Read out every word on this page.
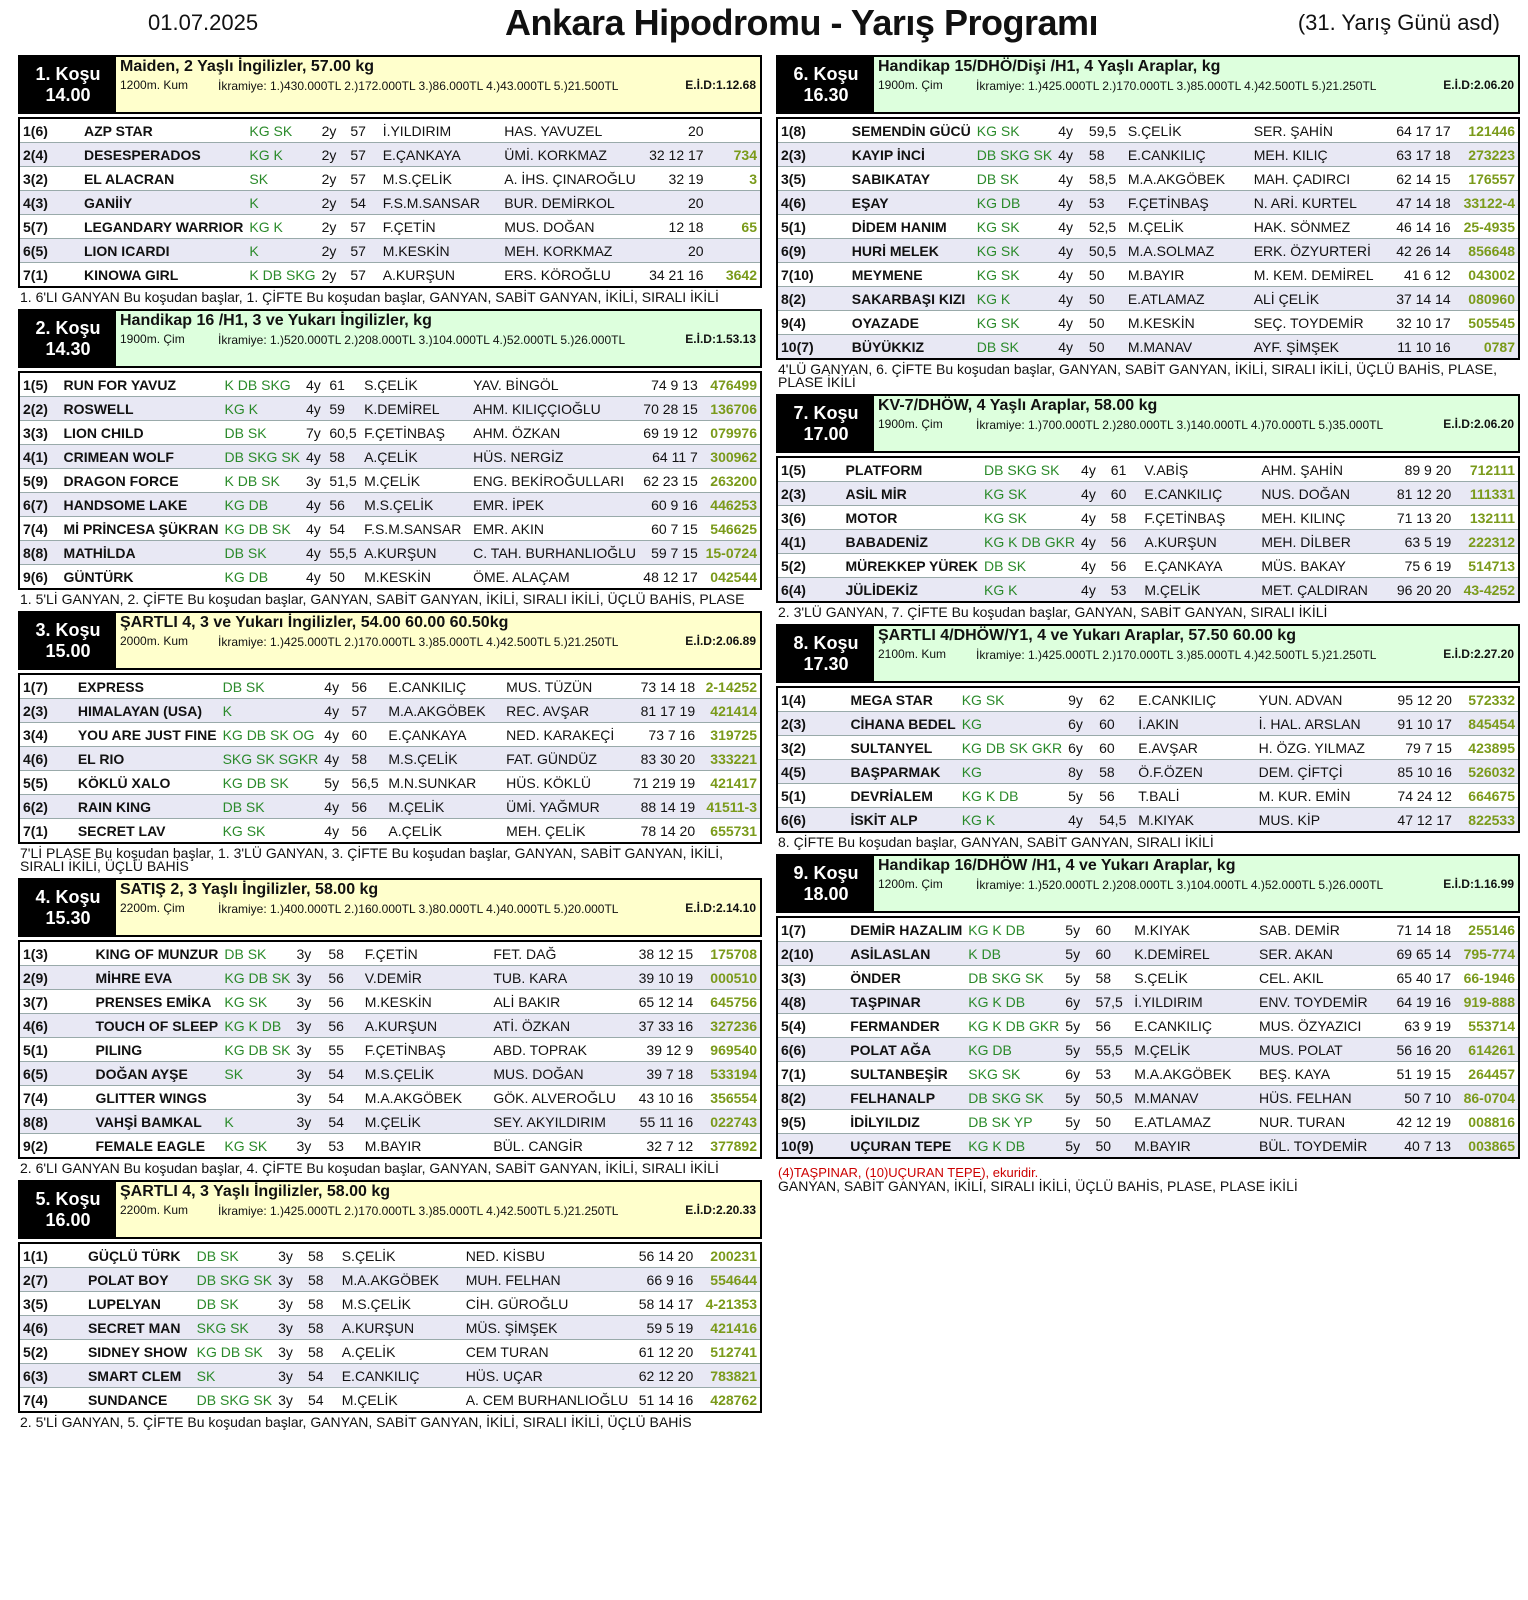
01.07.2025	Ankara Hipodromu - Yarış Programı	(31. Yarış Günü asd)
1. Koşu
14.00
Maiden, 2 Yaşlı İngilizler, 57.00 kg
1200m. Kum İkramiye: 1.)430.000TL 2.)172.000TL 3.)86.000TL 4.)43.000TL 5.)21.500TL	E.İ.D:1.12.68
1(6)	AZP STAR	KG SK	2y	57	İ.YILDIRIM	HAS. YAVUZEL	20	
2(4)	DESESPERADOS	KG K	2y	57	E.ÇANKAYA	ÜMİ. KORKMAZ	32 12 17	734
3(2)	EL ALACRAN	SK	2y	57	M.S.ÇELİK	A. İHS. ÇINAROĞLU	32 19	3
4(3)	GANİİY	K	2y	54	F.S.M.SANSAR	BUR. DEMİRKOL	20	
5(7)	LEGANDARY WARRIOR	KG K	2y	57	F.ÇETİN	MUS. DOĞAN	12 18	65
6(5)	LION ICARDI	K	2y	57	M.KESKİN	MEH. KORKMAZ	20	
7(1)	KINOWA GIRL	K DB SKG	2y	57	A.KURŞUN	ERS. KÖROĞLU	34 21 16	3642
1. 6'LI GANYAN Bu koşudan başlar, 1. ÇİFTE Bu koşudan başlar, GANYAN, SABİT GANYAN, İKİLİ, SIRALI İKİLİ
2. Koşu
14.30
Handikap 16 /H1, 3 ve Yukarı İngilizler, kg
1900m. Çim	İkramiye: 1.)520.000TL 2.)208.000TL 3.)104.000TL 4.)52.000TL 5.)26.000TL	E.İ.D:1.53.13
1(5)	RUN FOR YAVUZ	K DB SKG	4y	61	S.ÇELİK	YAV. BİNGÖL	74 9 13	476499
2(2)	ROSWELL	KG K	4y	59	K.DEMİREL	AHM. KILIÇÇIOĞLU	70 28 15	136706
3(3)	LION CHILD	DB SK	7y	60,5	F.ÇETİNBAŞ	AHM. ÖZKAN	69 19 12	079976
4(1)	CRIMEAN WOLF	DB SKG SK	4y	58	A.ÇELİK	HÜS. NERGİZ	64 11 7	300962
5(9)	DRAGON FORCE	K DB SK	3y	51,5	M.ÇELİK	ENG. BEKİROĞULLARI	62 23 15	263200
6(7)	HANDSOME LAKE	KG DB	4y	56	M.S.ÇELİK	EMR. İPEK	60 9 16	446253
7(4)	Mİ PRİNCESA ŞÜKRAN	KG DB SK	4y	54	F.S.M.SANSAR	EMR. AKIN	60 7 15	546625
8(8)	MATHİLDA	DB SK	4y	55,5	A.KURŞUN	C. TAH. BURHANLIOĞLU	59 7 15	15-0724
9(6)	GÜNTÜRK	KG DB	4y	50	M.KESKİN	ÖME. ALAÇAM	48 12 17	042544
1. 5'Lİ GANYAN, 2. ÇİFTE Bu koşudan başlar, GANYAN, SABİT GANYAN, İKİLİ, SIRALI İKİLİ, ÜÇLÜ BAHİS, PLASE
3. Koşu
15.00
ŞARTLI 4, 3 ve Yukarı İngilizler, 54.00 60.00 60.50kg
2000m. Kum İkramiye: 1.)425.000TL 2.)170.000TL 3.)85.000TL 4.)42.500TL 5.)21.250TL	E.İ.D:2.06.89
1(7)	EXPRESS	DB SK	4y	56	E.CANKILIÇ	MUS. TÜZÜN	73 14 18	2-14252
2(3)	HIMALAYAN (USA)	K	4y	57	M.A.AKGÖBEK	REC. AVŞAR	81 17 19	421414
3(4)	YOU ARE JUST FINE	KG DB SK OG	4y	60	E.ÇANKAYA	NED. KARAKEÇİ	73 7 16	319725
4(6)	EL RIO	SKG SK SGKR	4y	58	M.S.ÇELİK	FAT. GÜNDÜZ	83 30 20	333221
5(5)	KÖKLÜ XALO	KG DB SK	5y	56,5	M.N.SUNKAR	HÜS. KÖKLÜ	71 219 19	421417
6(2)	RAIN KING	DB SK	4y	56	M.ÇELİK	ÜMİ. YAĞMUR	88 14 19	41511-3
7(1)	SECRET LAV	KG SK	4y	56	A.ÇELİK	MEH. ÇELİK	78 14 20	655731
7'Lİ PLASE Bu koşudan başlar, 1. 3'LÜ GANYAN, 3. ÇİFTE Bu koşudan başlar, GANYAN, SABİT GANYAN, İKİLİ, SIRALI İKİLİ, ÜÇLÜ BAHİS
4. Koşu
15.30
SATIŞ 2, 3 Yaşlı İngilizler, 58.00 kg
2200m. Çim	İkramiye: 1.)400.000TL 2.)160.000TL 3.)80.000TL 4.)40.000TL 5.)20.000TL	E.İ.D:2.14.10
1(3)	KING OF MUNZUR	DB SK	3y	58	F.ÇETİN	FET. DAĞ	38 12 15	175708
2(9)	MİHRE EVA	KG DB SK	3y	56	V.DEMİR	TUB. KARA	39 10 19	000510
3(7)	PRENSES EMİKA	KG SK	3y	56	M.KESKİN	ALİ BAKIR	65 12 14	645756
4(6)	TOUCH OF SLEEP	KG K DB	3y	56	A.KURŞUN	ATİ. ÖZKAN	37 33 16	327236
5(1)	PILING	KG DB SK	3y	55	F.ÇETİNBAŞ	ABD. TOPRAK	39 12 9	969540
6(5)	DOĞAN AYŞE	SK	3y	54	M.S.ÇELİK	MUS. DOĞAN	39 7 18	533194
7(4)	GLITTER WINGS		3y	54	M.A.AKGÖBEK	GÖK. ALVEROĞLU	43 10 16	356554
8(8)	VAHŞİ BAMKAL	K	3y	54	M.ÇELİK	SEY. AKYILDIRIM	55 11 16	022743
9(2)	FEMALE EAGLE	KG SK	3y	53	M.BAYIR	BÜL. CANGİR	32 7 12	377892
2. 6'LI GANYAN Bu koşudan başlar, 4. ÇİFTE Bu koşudan başlar, GANYAN, SABİT GANYAN, İKİLİ, SIRALI İKİLİ
5. Koşu
16.00
ŞARTLI 4, 3 Yaşlı İngilizler, 58.00 kg
2200m. Kum İkramiye: 1.)425.000TL 2.)170.000TL 3.)85.000TL 4.)42.500TL 5.)21.250TL	E.İ.D:2.20.33
1(1)	GÜÇLÜ TÜRK	DB SK	3y	58	S.ÇELİK	NED. KİSBU	56 14 20	200231
2(7)	POLAT BOY	DB SKG SK	3y	58	M.A.AKGÖBEK	MUH. FELHAN	66 9 16	554644
3(5)	LUPELYAN	DB SK	3y	58	M.S.ÇELİK	CİH. GÜROĞLU	58 14 17	4-21353
4(6)	SECRET MAN	SKG SK	3y	58	A.KURŞUN	MÜS. ŞİMŞEK	59 5 19	421416
5(2)	SIDNEY SHOW	KG DB SK	3y	58	A.ÇELİK	CEM TURAN	61 12 20	512741
6(3)	SMART CLEM	SK	3y	54	E.CANKILIÇ	HÜS. UÇAR	62 12 20	783821
7(4)	SUNDANCE	DB SKG SK	3y	54	M.ÇELİK	A. CEM BURHANLIOĞLU	51 14 16	428762
2. 5'Lİ GANYAN, 5. ÇİFTE Bu koşudan başlar, GANYAN, SABİT GANYAN, İKİLİ, SIRALI İKİLİ, ÜÇLÜ BAHİS
6. Koşu
16.30
Handikap 15/DHÖ/Dişi /H1, 4 Yaşlı Araplar, kg
1900m. Çim	İkramiye: 1.)425.000TL 2.)170.000TL 3.)85.000TL 4.)42.500TL 5.)21.250TL	E.İ.D:2.06.20
1(8)	SEMENDİN GÜCÜ	KG SK	4y	59,5	S.ÇELİK	SER. ŞAHİN	64 17 17	121446
2(3)	KAYIP İNCİ	DB SKG SK	4y	58	E.CANKILIÇ	MEH. KILIÇ	63 17 18	273223
3(5)	SABIKATAY	DB SK	4y	58,5	M.A.AKGÖBEK	MAH. ÇADIRCI	62 14 15	176557
4(6)	EŞAY	KG DB	4y	53	F.ÇETİNBAŞ	N. ARİ. KURTEL	47 14 18	33122-4
5(1)	DİDEM HANIM	KG SK	4y	52,5	M.ÇELİK	HAK. SÖNMEZ	46 14 16	25-4935
6(9)	HURİ MELEK	KG SK	4y	50,5	M.A.SOLMAZ	ERK. ÖZYURTERİ	42 26 14	856648
7(10)	MEYMENE	KG SK	4y	50	M.BAYIR	M. KEM. DEMİREL	41 6 12	043002
8(2)	SAKARBAŞI KIZI	KG K	4y	50	E.ATLAMAZ	ALİ ÇELİK	37 14 14	080960
9(4)	OYAZADE	KG SK	4y	50	M.KESKİN	SEÇ. TOYDEMİR	32 10 17	505545
10(7)	BÜYÜKKIZ	DB SK	4y	50	M.MANAV	AYF. ŞİMŞEK	11 10 16	0787
4'LÜ GANYAN, 6. ÇİFTE Bu koşudan başlar, GANYAN, SABİT GANYAN, İKİLİ, SIRALI İKİLİ, ÜÇLÜ BAHİS, PLASE, PLASE İKİLİ
7. Koşu
17.00
KV-7/DHÖW, 4 Yaşlı Araplar, 58.00 kg
1900m. Çim	İkramiye: 1.)700.000TL 2.)280.000TL 3.)140.000TL 4.)70.000TL 5.)35.000TL	E.İ.D:2.06.20
1(5)	PLATFORM	DB SKG SK	4y	61	V.ABİŞ	AHM. ŞAHİN	89 9 20	712111
2(3)	ASİL MİR	KG SK	4y	60	E.CANKILIÇ	NUS. DOĞAN	81 12 20	111331
3(6)	MOTOR	KG SK	4y	58	F.ÇETİNBAŞ	MEH. KILINÇ	71 13 20	132111
4(1)	BABADENİZ	KG K DB GKR	4y	56	A.KURŞUN	MEH. DİLBER	63 5 19	222312
5(2)	MÜREKKEP YÜREK	DB SK	4y	56	E.ÇANKAYA	MÜS. BAKAY	75 6 19	514713
6(4)	JÜLİDEKİZ	KG K	4y	53	M.ÇELİK	MET. ÇALDIRAN	96 20 20	43-4252
2. 3'LÜ GANYAN, 7. ÇİFTE Bu koşudan başlar, GANYAN, SABİT GANYAN, SIRALI İKİLİ
8. Koşu
17.30
ŞARTLI 4/DHÖW/Y1, 4 ve Yukarı Araplar, 57.50 60.00 kg
2100m. Kum İkramiye: 1.)425.000TL 2.)170.000TL 3.)85.000TL 4.)42.500TL 5.)21.250TL	E.İ.D:2.27.20
1(4)	MEGA STAR	KG SK	9y	62	E.CANKILIÇ	YUN. ADVAN	95 12 20	572332
2(3)	CİHANA BEDEL	KG	6y	60	İ.AKIN	İ. HAL. ARSLAN	91 10 17	845454
3(2)	SULTANYEL	KG DB SK GKR	6y	60	E.AVŞAR	H. ÖZG. YILMAZ	79 7 15	423895
4(5)	BAŞPARMAK	KG	8y	58	Ö.F.ÖZEN	DEM. ÇİFTÇİ	85 10 16	526032
5(1)	DEVRİALEM	KG K DB	5y	56	T.BALİ	M. KUR. EMİN	74 24 12	664675
6(6)	İSKİT ALP	KG K	4y	54,5	M.KIYAK	MUS. KİP	47 12 17	822533
8. ÇİFTE Bu koşudan başlar, GANYAN, SABİT GANYAN, SIRALI İKİLİ
9. Koşu
18.00
Handikap 16/DHÖW /H1, 4 ve Yukarı Araplar, kg
1200m. Çim	İkramiye: 1.)520.000TL 2.)208.000TL 3.)104.000TL 4.)52.000TL 5.)26.000TL	E.İ.D:1.16.99
1(7)	DEMİR HAZALIM	KG K DB	5y	60	M.KIYAK	SAB. DEMİR	71 14 18	255146
2(10)	ASİLASLAN	K DB	5y	60	K.DEMİREL	SER. AKAN	69 65 14	795-774
3(3)	ÖNDER	DB SKG SK	5y	58	S.ÇELİK	CEL. AKIL	65 40 17	66-1946
4(8)	TAŞPINAR	KG K DB	6y	57,5	İ.YILDIRIM	ENV. TOYDEMİR	64 19 16	919-888
5(4)	FERMANDER	KG K DB GKR	5y	56	E.CANKILIÇ	MUS. ÖZYAZICI	63 9 19	553714
6(6)	POLAT AĞA	KG DB	5y	55,5	M.ÇELİK	MUS. POLAT	56 16 20	614261
7(1)	SULTANBEŞİR	SKG SK	6y	53	M.A.AKGÖBEK	BEŞ. KAYA	51 19 15	264457
8(2)	FELHANALP	DB SKG SK	5y	50,5	M.MANAV	HÜS. FELHAN	50 7 10	86-0704
9(5)	İDİLYILDIZ	DB SK YP	5y	50	E.ATLAMAZ	NUR. TURAN	42 12 19	008816
10(9)	UÇURAN TEPE	KG K DB	5y	50	M.BAYIR	BÜL. TOYDEMİR	40 7 13	003865
(4)TAŞPINAR, (10)UÇURAN TEPE), ekuridir.
GANYAN, SABİT GANYAN, İKİLİ, SIRALI İKİLİ, ÜÇLÜ BAHİS, PLASE, PLASE İKİLİ
